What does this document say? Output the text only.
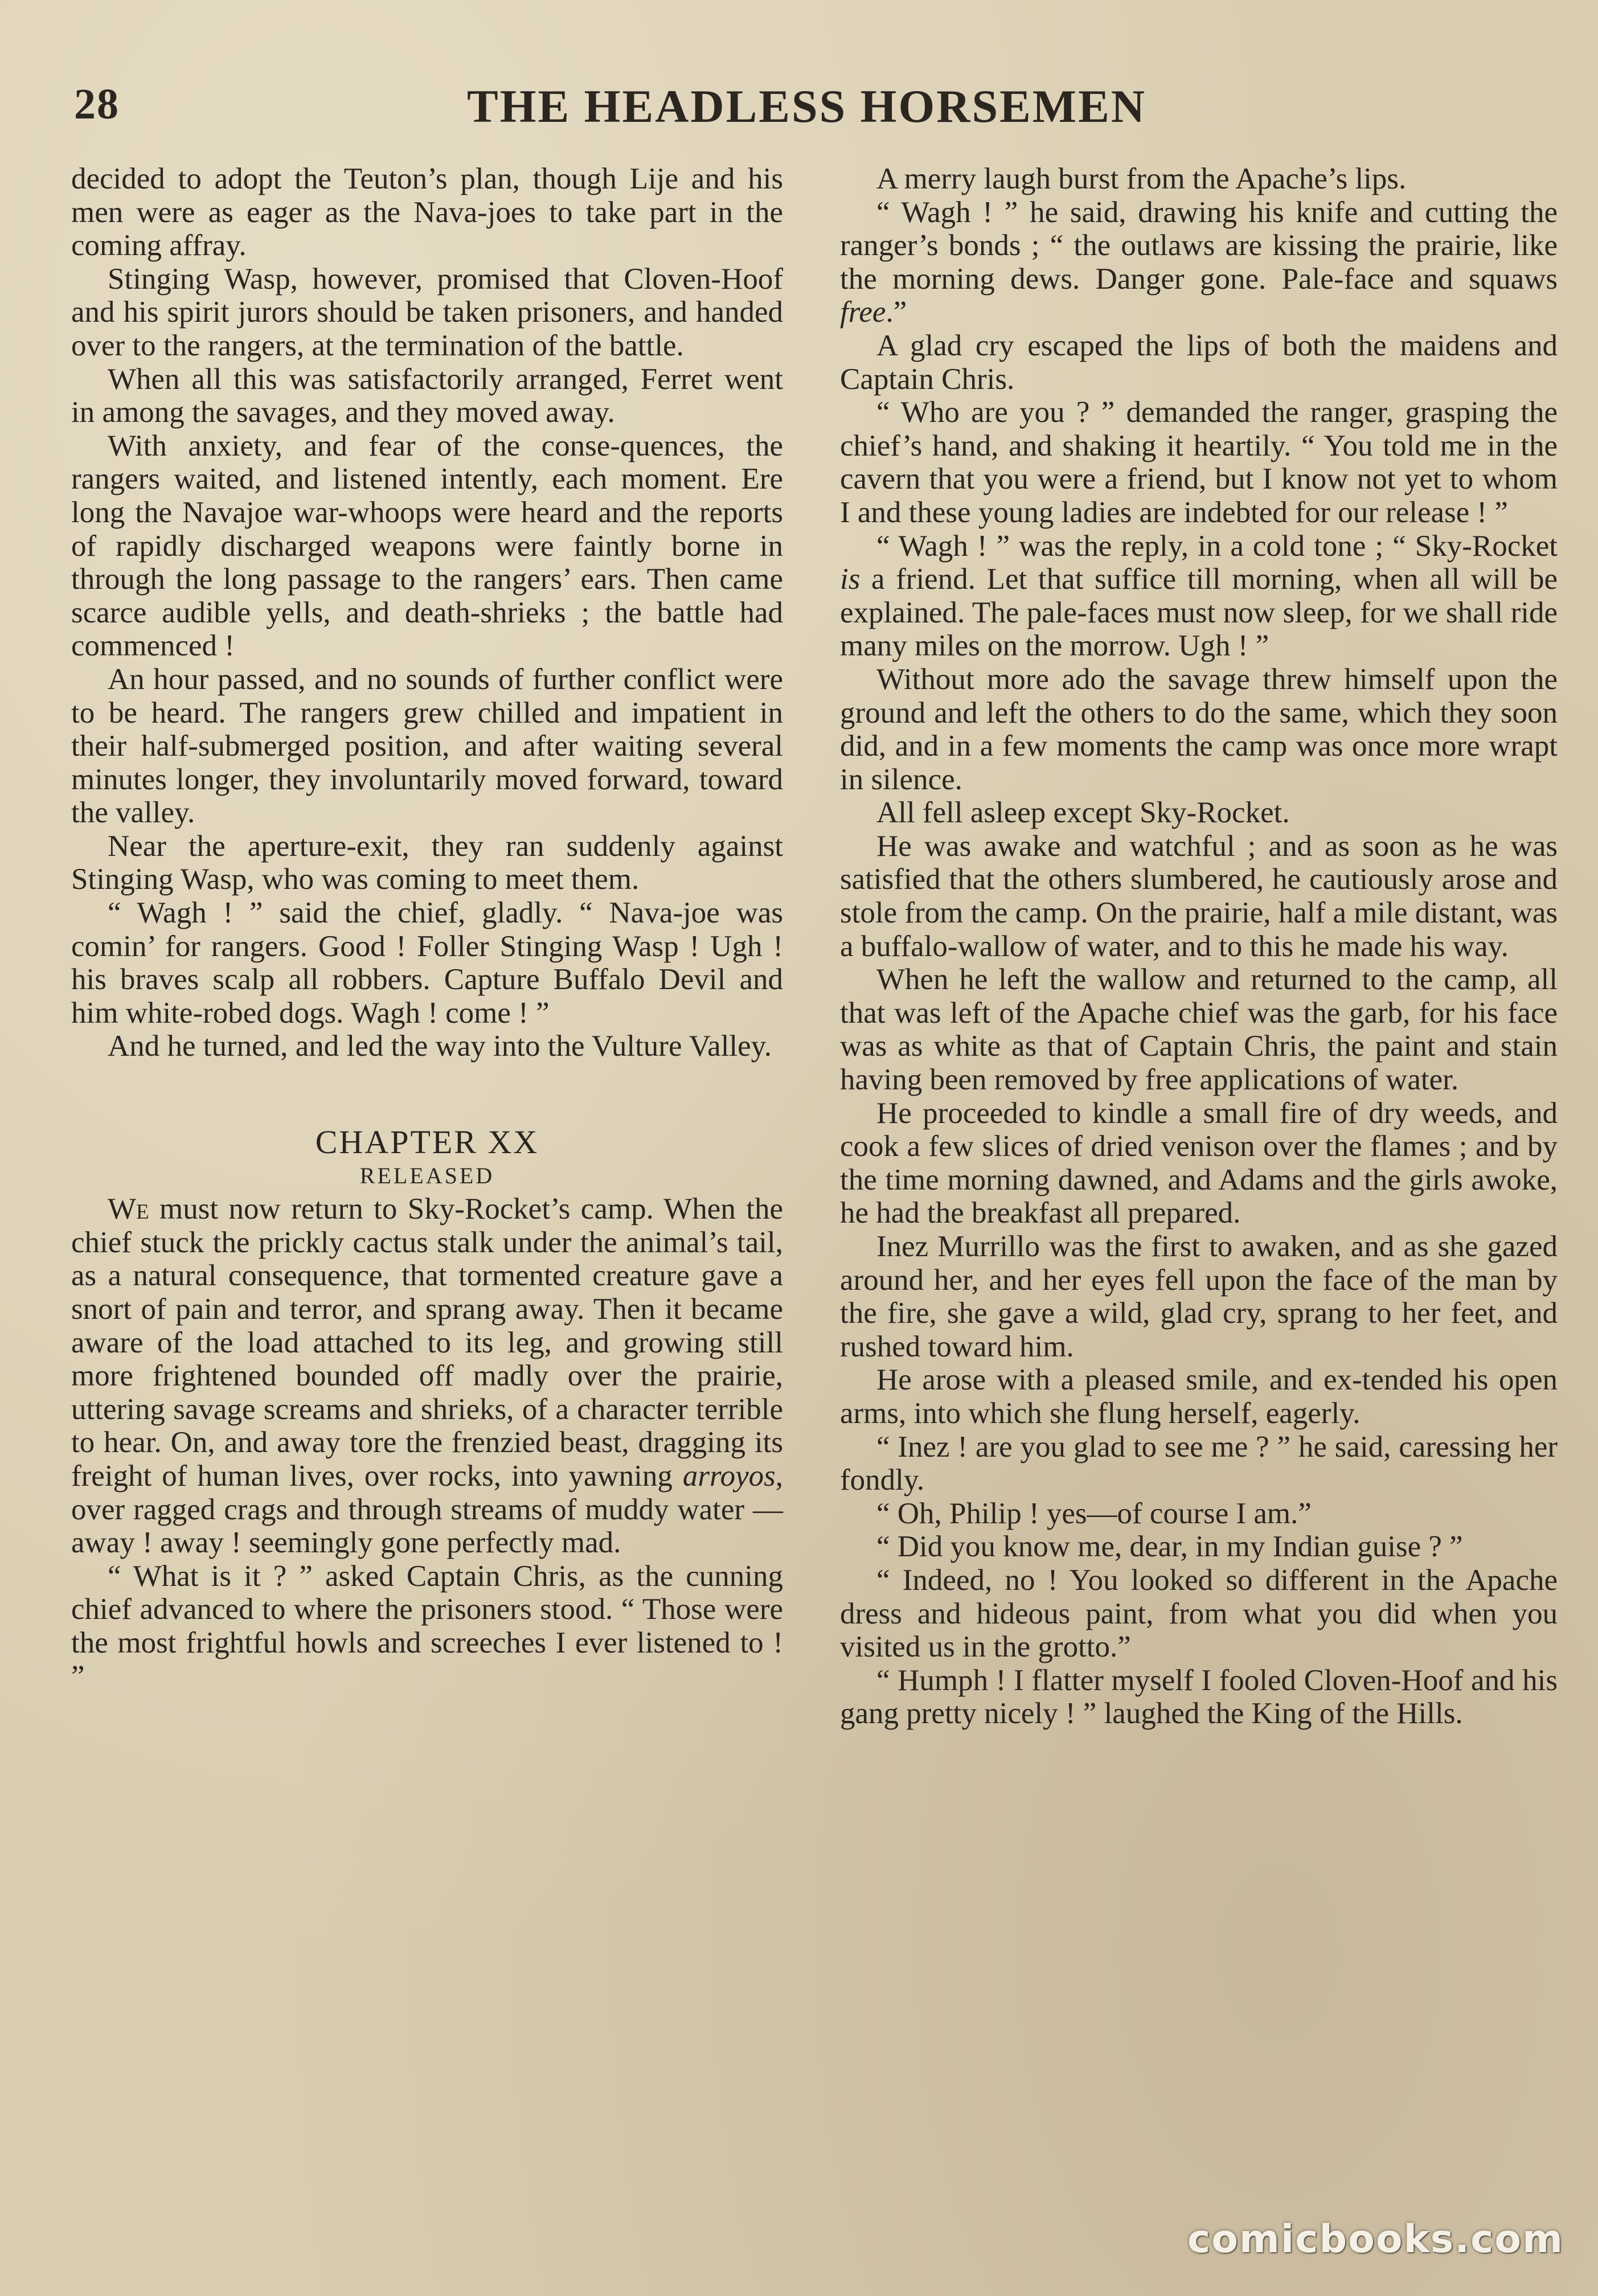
28	THE HEADLESS HORSEMEN

decided to adopt the Teuton’s plan, though Lije and his men were as eager as the Nava-joes to take part in the coming affray.

Stinging Wasp, however, promised that Cloven-Hoof and his spirit jurors should be taken prisoners, and handed over to the rangers, at the termination of the battle.

When all this was satisfactorily arranged, Ferret went in among the savages, and they moved away.

With anxiety, and fear of the conse-quences, the rangers waited, and listened intently, each moment. Ere long the Navajoe war-whoops were heard and the reports of rapidly discharged weapons were faintly borne in through the long passage to the rangers’ ears. Then came scarce audible yells, and death-shrieks ; the battle had commenced !

An hour passed, and no sounds of further conflict were to be heard. The rangers grew chilled and impatient in their half-submerged position, and after waiting several minutes longer, they involuntarily moved forward, toward the valley.

Near the aperture-exit, they ran suddenly against Stinging Wasp, who was coming to meet them.

“ Wagh ! ” said the chief, gladly. “ Nava-joe was comin’ for rangers. Good ! Foller Stinging Wasp ! Ugh ! his braves scalp all robbers. Capture Buffalo Devil and him white-robed dogs. Wagh ! come ! ”

And he turned, and led the way into the Vulture Valley.

CHAPTER XX

RELEASED

We must now return to Sky-Rocket’s camp. When the chief stuck the prickly cactus stalk under the animal’s tail, as a natural consequence, that tormented creature gave a snort of pain and terror, and sprang away. Then it became aware of the load attached to its leg, and growing still more frightened bounded off madly over the prairie, uttering savage screams and shrieks, of a character terrible to hear. On, and away tore the frenzied beast, dragging its freight of human lives, over rocks, into yawning arroyos, over ragged crags and through streams of muddy water —away ! away ! seemingly gone perfectly mad.

“ What is it ? ” asked Captain Chris, as the cunning chief advanced to where the prisoners stood. “ Those were the most frightful howls and screeches I ever listened to ! ”

A merry laugh burst from the Apache’s lips.

“ Wagh ! ” he said, drawing his knife and cutting the ranger’s bonds ; “ the outlaws are kissing the prairie, like the morning dews. Danger gone. Pale-face and squaws free.”

A glad cry escaped the lips of both the maidens and Captain Chris.

“ Who are you ? ” demanded the ranger, grasping the chief’s hand, and shaking it heartily. “ You told me in the cavern that you were a friend, but I know not yet to whom I and these young ladies are indebted for our release ! ”

“ Wagh ! ” was the reply, in a cold tone ; “ Sky-Rocket is a friend. Let that suffice till morning, when all will be explained. The pale-faces must now sleep, for we shall ride many miles on the morrow. Ugh ! ”

Without more ado the savage threw himself upon the ground and left the others to do the same, which they soon did, and in a few moments the camp was once more wrapt in silence.

All fell asleep except Sky-Rocket.

He was awake and watchful ; and as soon as he was satisfied that the others slumbered, he cautiously arose and stole from the camp. On the prairie, half a mile distant, was a buffalo-wallow of water, and to this he made his way.

When he left the wallow and returned to the camp, all that was left of the Apache chief was the garb, for his face was as white as that of Captain Chris, the paint and stain having been removed by free applications of water.

He proceeded to kindle a small fire of dry weeds, and cook a few slices of dried venison over the flames ; and by the time morning dawned, and Adams and the girls awoke, he had the breakfast all prepared.

Inez Murrillo was the first to awaken, and as she gazed around her, and her eyes fell upon the face of the man by the fire, she gave a wild, glad cry, sprang to her feet, and rushed toward him.

He arose with a pleased smile, and ex-tended his open arms, into which she flung herself, eagerly.

“ Inez ! are you glad to see me ? ” he said, caressing her fondly.

“ Oh, Philip ! yes—of course I am.”

“ Did you know me, dear, in my Indian guise ? ”

“ Indeed, no ! You looked so different in the Apache dress and hideous paint, from what you did when you visited us in the grotto.”

“ Humph ! I flatter myself I fooled Cloven-Hoof and his gang pretty nicely ! ” laughed the King of the Hills.

comicbooks.com
